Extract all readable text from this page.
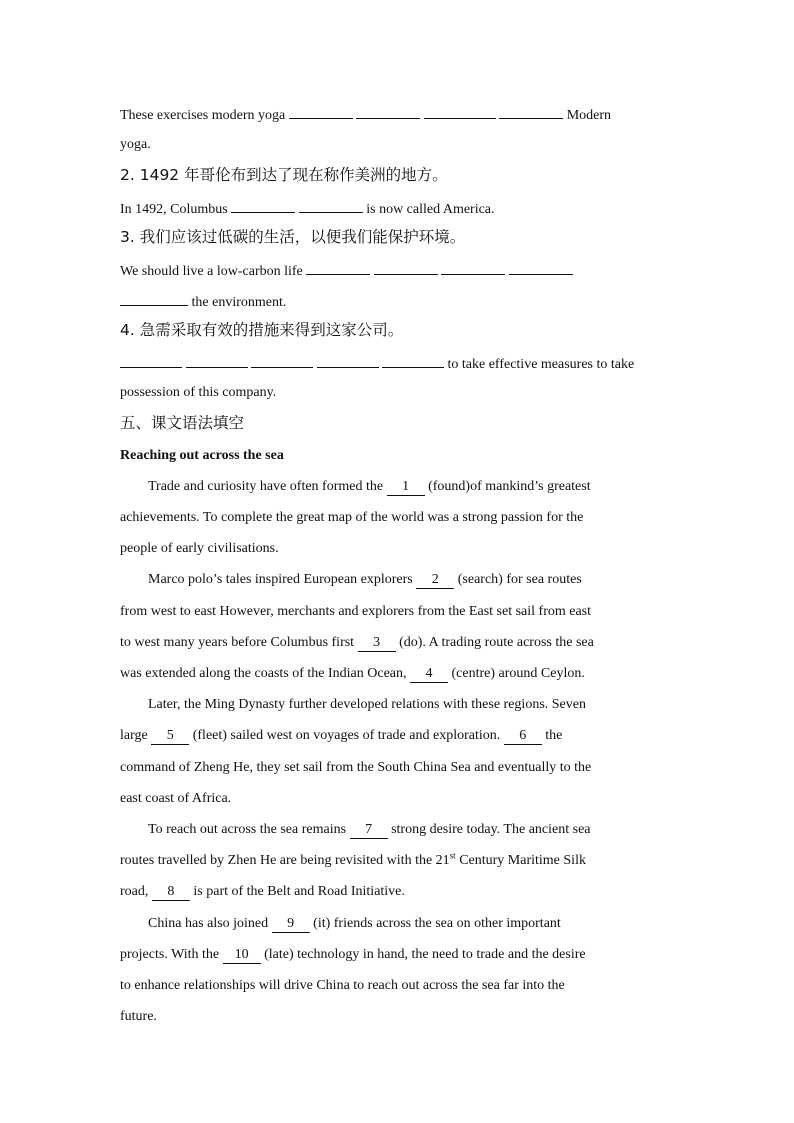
These exercises modern yoga	Modern
yoga.
2. 1492 年哥伦布到达了现在称作美洲的地方。
In 1492, Columbus	is now called America.
3. 我们应该过低碳的生活，以便我们能保护环境。
We should live a low-carbon life
the environment.
4. 急需采取有效的措施来得到这家公司。
to take effective measures to take
possession of this company.
五、课文语法填空
Reaching out across the sea
Trade and curiosity have often formed the 1 (found)of mankind’s greatest
achievements. To complete the great map of the world was a strong passion for the
people of early civilisations.
Marco polo’s tales inspired European explorers 2 (search) for sea routes
from west to east However, merchants and explorers from the East set sail from east
to west many years before Columbus first 3 (do). A trading route across the sea
was extended along the coasts of the Indian Ocean, 4 (centre) around Ceylon.
Later, the Ming Dynasty further developed relations with these regions. Seven
large 5 (fleet) sailed west on voyages of trade and exploration. 6 the
command of Zheng He, they set sail from the South China Sea and eventually to the
east coast of Africa.
To reach out across the sea remains 7 strong desire today. The ancient sea
routes travelled by Zhen He are being revisited with the 21st Century Maritime Silk
road, 8 is part of the Belt and Road Initiative.
China has also joined 9 (it) friends across the sea on other important
projects. With the 10 (late) technology in hand, the need to trade and the desire
to enhance relationships will drive China to reach out across the sea far into the
future.
